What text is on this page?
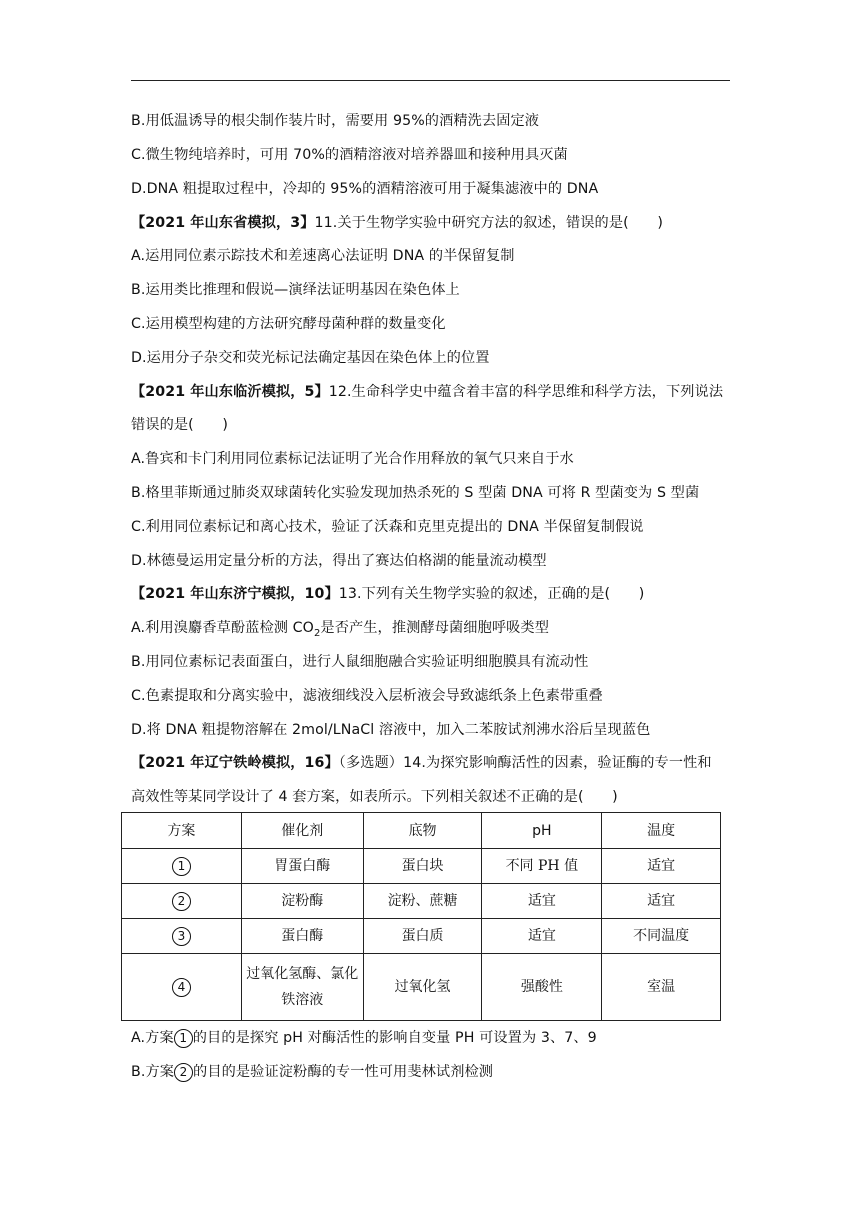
B.用低温诱导的根尖制作装片时，需要用 95%的酒精洗去固定液
C.微生物纯培养时，可用 70%的酒精溶液对培养器皿和接种用具灭菌
D.DNA 粗提取过程中，冷却的 95%的酒精溶液可用于凝集滤液中的 DNA
【2021 年山东省模拟，3】11.关于生物学实验中研究方法的叙述，错误的是(　　)
A.运用同位素示踪技术和差速离心法证明 DNA 的半保留复制
B.运用类比推理和假说—演绎法证明基因在染色体上
C.运用模型构建的方法研究酵母菌种群的数量变化
D.运用分子杂交和荧光标记法确定基因在染色体上的位置
【2021 年山东临沂模拟，5】12.生命科学史中蕴含着丰富的科学思维和科学方法，下列说法
错误的是(　　)
A.鲁宾和卡门利用同位素标记法证明了光合作用释放的氧气只来自于水
B.格里菲斯通过肺炎双球菌转化实验发现加热杀死的 S 型菌 DNA 可将 R 型菌变为 S 型菌
C.利用同位素标记和离心技术，验证了沃森和克里克提出的 DNA 半保留复制假说
D.林德曼运用定量分析的方法，得出了赛达伯格湖的能量流动模型
【2021 年山东济宁模拟，10】13.下列有关生物学实验的叙述，正确的是(　　)
A.利用溴麝香草酚蓝检测 $CO_2$是否产生，推测酵母菌细胞呼吸类型
B.用同位素标记表面蛋白，进行人鼠细胞融合实验证明细胞膜具有流动性
C.色素提取和分离实验中，滤液细线没入层析液会导致滤纸条上色素带重叠
D.将 DNA 粗提物溶解在 2mol/LNaCl 溶液中，加入二苯胺试剂沸水浴后呈现蓝色
【2021 年辽宁铁岭模拟，16】（多选题）14.为探究影响酶活性的因素，验证酶的专一性和
高效性等某同学设计了 4 套方案，如表所示。下列相关叙述不正确的是(　　)
方案	催化剂	底物	pH	温度
1	胃蛋白酶	蛋白块	不同 PH 值	适宜
2	淀粉酶	淀粉、蔗糖	适宜	适宜
3	蛋白酶	蛋白质	适宜	不同温度
4	过氧化氢酶、氯化铁溶液	过氧化氢	强酸性	室温
A.方案 1 的目的是探究 pH 对酶活性的影响自变量 PH 可设置为 3、7、9
B.方案 2 的目的是验证淀粉酶的专一性可用斐林试剂检测
